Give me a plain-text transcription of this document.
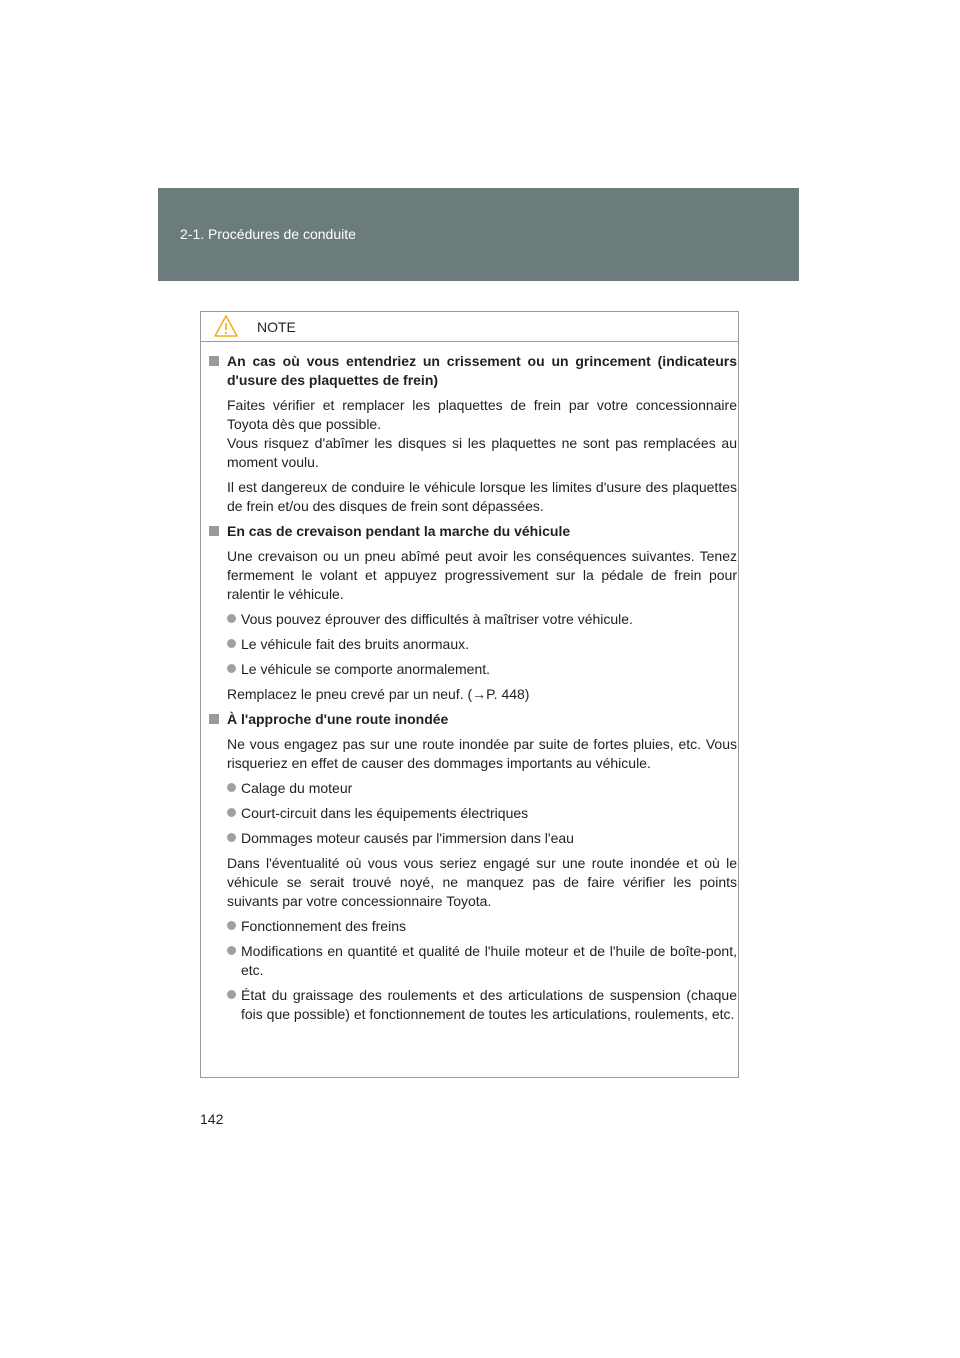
2-1. Procédures de conduite
NOTE
An cas où vous entendriez un crissement ou un grincement (indicateurs d'usure des plaquettes de frein)

Faites vérifier et remplacer les plaquettes de frein par votre concessionnaire Toyota dès que possible.

Vous risquez d'abîmer les disques si les plaquettes ne sont pas remplacées au moment voulu.

Il est dangereux de conduire le véhicule lorsque les limites d'usure des plaquettes de frein et/ou des disques de frein sont dépassées.
En cas de crevaison pendant la marche du véhicule
Une crevaison ou un pneu abîmé peut avoir les conséquences suivantes. Tenez fermement le volant et appuyez progressivement sur la pédale de frein pour ralentir le véhicule.
Vous pouvez éprouver des difficultés à maîtriser votre véhicule.
Le véhicule fait des bruits anormaux.
Le véhicule se comporte anormalement.
Remplacez le pneu crevé par un neuf. (→P. 448)
À l'approche d'une route inondée
Ne vous engagez pas sur une route inondée par suite de fortes pluies, etc. Vous risqueriez en effet de causer des dommages importants au véhicule.
Calage du moteur
Court-circuit dans les équipements électriques
Dommages moteur causés par l'immersion dans l'eau
Dans l'éventualité où vous vous seriez engagé sur une route inondée et où le véhicule se serait trouvé noyé, ne manquez pas de faire vérifier les points suivants par votre concessionnaire Toyota.
Fonctionnement des freins
Modifications en quantité et qualité de l'huile moteur et de l'huile de boîte-pont, etc.
État du graissage des roulements et des articulations de suspension (chaque fois que possible) et fonctionnement de toutes les articulations, roulements, etc.
142
